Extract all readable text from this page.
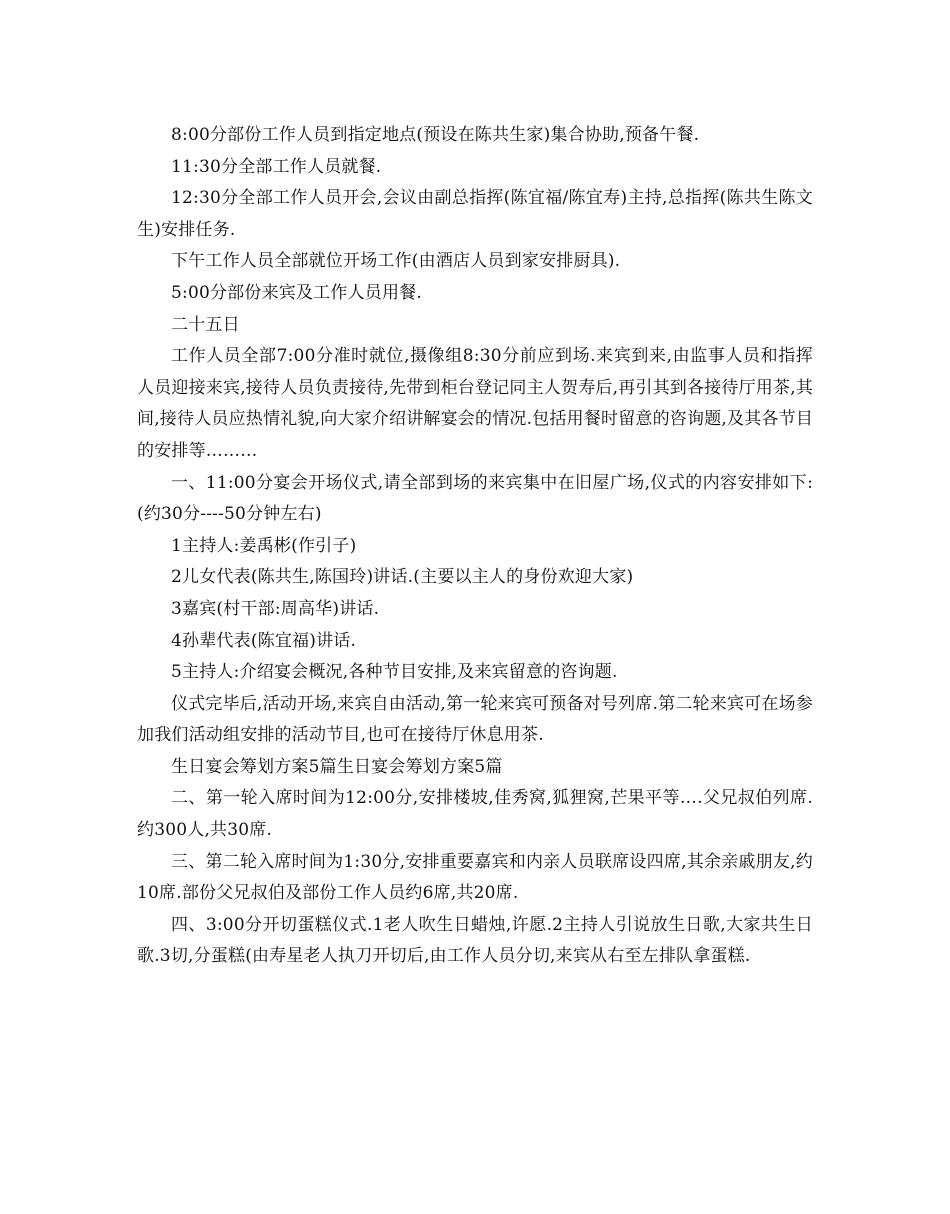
8:00分部份工作人员到指定地点(预设在陈共生家)集合协助,预备午餐.

11:30分全部工作人员就餐.

12:30分全部工作人员开会,会议由副总指挥(陈宜福/陈宜寿)主持,总指挥(陈共生陈文生)安排任务.

下午工作人员全部就位开场工作(由酒店人员到家安排厨具).

5:00分部份来宾及工作人员用餐.

二十五日

工作人员全部7:00分准时就位,摄像组8:30分前应到场.来宾到来,由监事人员和指挥人员迎接来宾,接待人员负责接待,先带到柜台登记同主人贺寿后,再引其到各接待厅用茶,其间,接待人员应热情礼貌,向大家介绍讲解宴会的情况.包括用餐时留意的咨询题,及其各节目的安排等………

一、11:00分宴会开场仪式,请全部到场的来宾集中在旧屋广场,仪式的内容安排如下:(约30分----50分钟左右)

1主持人:姜禹彬(作引子)

2儿女代表(陈共生,陈国玲)讲话.(主要以主人的身份欢迎大家)

3嘉宾(村干部:周高华)讲话.

4孙辈代表(陈宜福)讲话.

5主持人:介绍宴会概况,各种节目安排,及来宾留意的咨询题.

仪式完毕后,活动开场,来宾自由活动,第一轮来宾可预备对号列席.第二轮来宾可在场参加我们活动组安排的活动节目,也可在接待厅休息用茶.

生日宴会筹划方案5篇生日宴会筹划方案5篇

二、第一轮入席时间为12:00分,安排楼坡,佳秀窝,狐狸窝,芒果平等….父兄叔伯列席.约300人,共30席.

三、第二轮入席时间为1:30分,安排重要嘉宾和内亲人员联席设四席,其余亲戚朋友,约10席.部份父兄叔伯及部份工作人员约6席,共20席.

四、3:00分开切蛋糕仪式.1老人吹生日蜡烛,许愿.2主持人引说放生日歌,大家共生日歌.3切,分蛋糕(由寿星老人执刀开切后,由工作人员分切,来宾从右至左排队拿蛋糕.
